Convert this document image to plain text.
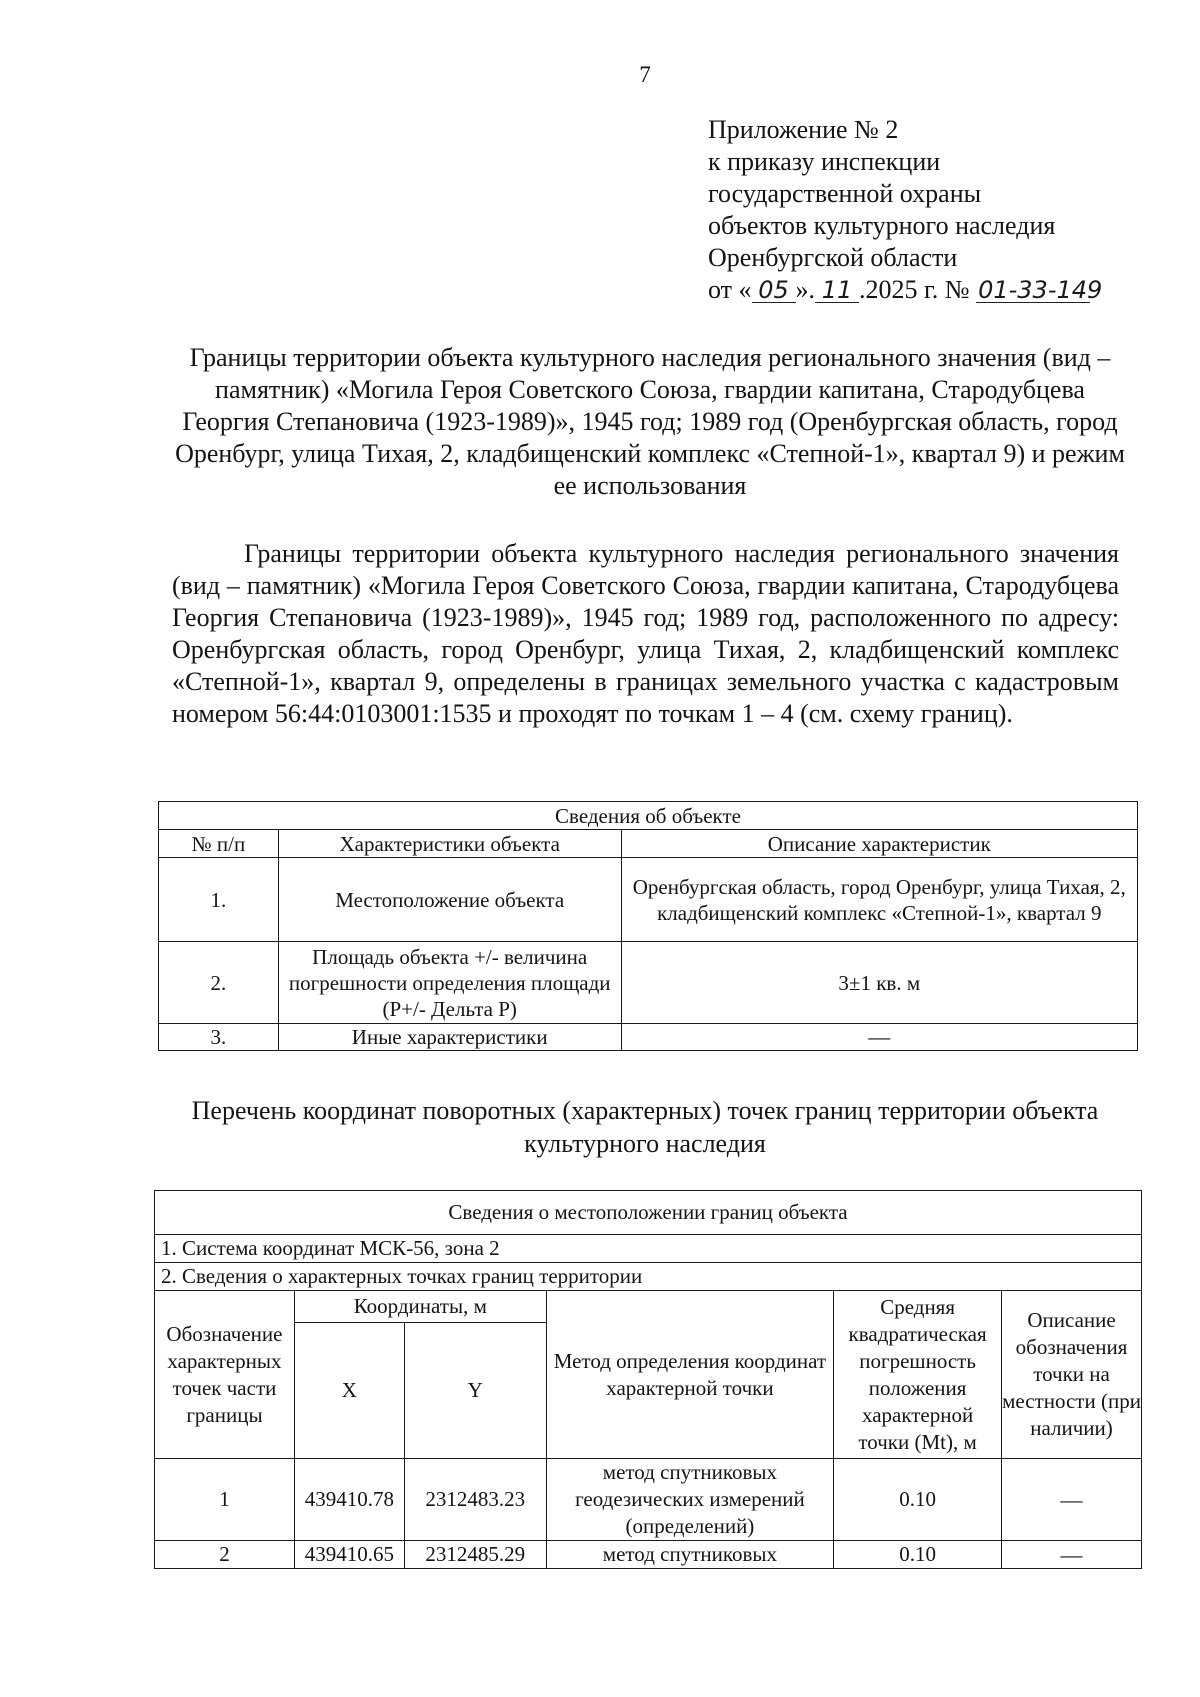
7
Приложение № 2
к приказу инспекции
государственной охраны
объектов культурного наследия
Оренбургской области
от « 05 ». 11 .2025 г. № 01-33-149
Границы территории объекта культурного наследия регионального значения (вид – памятник) «Могила Героя Советского Союза, гвардии капитана, Стародубцева Георгия Степановича (1923-1989)», 1945 год; 1989 год (Оренбургская область, город Оренбург, улица Тихая, 2, кладбищенский комплекс «Степной-1», квартал 9) и режим ее использования
Границы территории объекта культурного наследия регионального значения (вид – памятник) «Могила Героя Советского Союза, гвардии капитана, Стародубцева Георгия Степановича (1923-1989)», 1945 год; 1989 год, расположенного по адресу: Оренбургская область, город Оренбург, улица Тихая, 2, кладбищенский комплекс «Степной-1», квартал 9, определены в границах земельного участка с кадастровым номером 56:44:0103001:1535 и проходят по точкам 1 – 4 (см. схему границ).
Сведения об объекте		
№ п/п	Характеристики объекта	Описание характеристик
1.	Местоположение объекта	Оренбургская область, город Оренбург, улица Тихая, 2, кладбищенский комплекс «Степной-1», квартал 9
2.	Площадь объекта +/- величина погрешности определения площади (Р+/- Дельта Р)	3±1 кв. м
3.	Иные характеристики	—
Перечень координат поворотных (характерных) точек границ территории объекта культурного наследия
Сведения о местоположении границ объекта					
1. Система координат МСК-56, зона 2					
2. Сведения о характерных точках границ территории					
Обозначение характерных точек части границы	Координаты, м		Метод определения координат характерной точки	Средняя квадратическая погрешность положения характерной точки (Mt), м	Описание обозначения точки на местности (при наличии)
	X	Y			
1	439410.78	2312483.23	метод спутниковых геодезических измерений (определений)	0.10	—
2	439410.65	2312485.29	метод спутниковых	0.10	—
